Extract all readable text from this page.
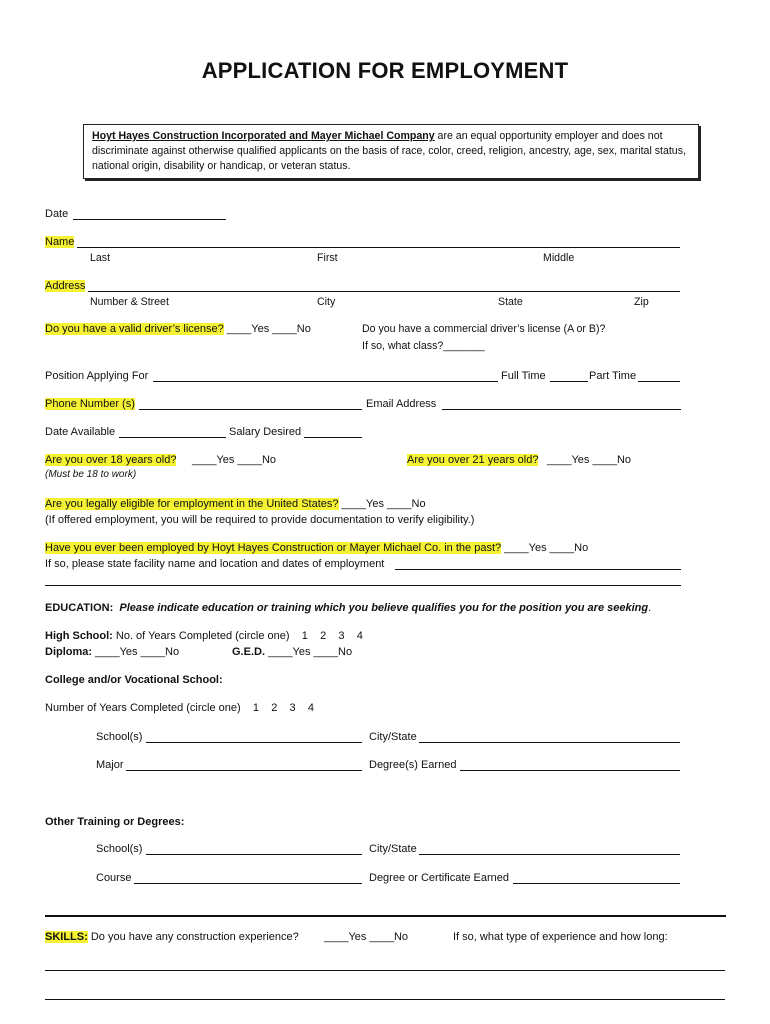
APPLICATION FOR EMPLOYMENT
Hoyt Hayes Construction Incorporated and Mayer Michael Company are an equal opportunity employer and does not discriminate against otherwise qualified applicants on the basis of race, color, creed, religion, ancestry, age, sex, marital status, national origin, disability or handicap, or veteran status.
Date
Name
Last	First	Middle
Address
Number & Street	City	State	Zip
Do you have a valid driver’s license? ____Yes ____No	Do you have a commercial driver’s license (A or B)?
If so, what class?_______
Position Applying For	Full Time	Part Time
Phone Number (s)	Email Address
Date Available	Salary Desired
Are you over 18 years old? ____Yes ____No
(Must be 18 to work)
Are you over 21 years old? ____Yes ____No
Are you legally eligible for employment in the United States? ____Yes ____No
(If offered employment, you will be required to provide documentation to verify eligibility.)
Have you ever been employed by Hoyt Hayes Construction or Mayer Michael Co. in the past? ____Yes ____No
If so, please state facility name and location and dates of employment
EDUCATION: Please indicate education or training which you believe qualifies you for the position you are seeking.
High School: No. of Years Completed (circle one)    1    2    3    4
Diploma: ____Yes ____No	G.E.D. ____Yes ____No
College and/or Vocational School:
Number of Years Completed (circle one)    1    2    3    4
School(s)	City/State
Major	Degree(s) Earned
Other Training or Degrees:
School(s)	City/State
Course	Degree or Certificate Earned
SKILLS: Do you have any construction experience? ____Yes ____No	If so, what type of experience and how long:
